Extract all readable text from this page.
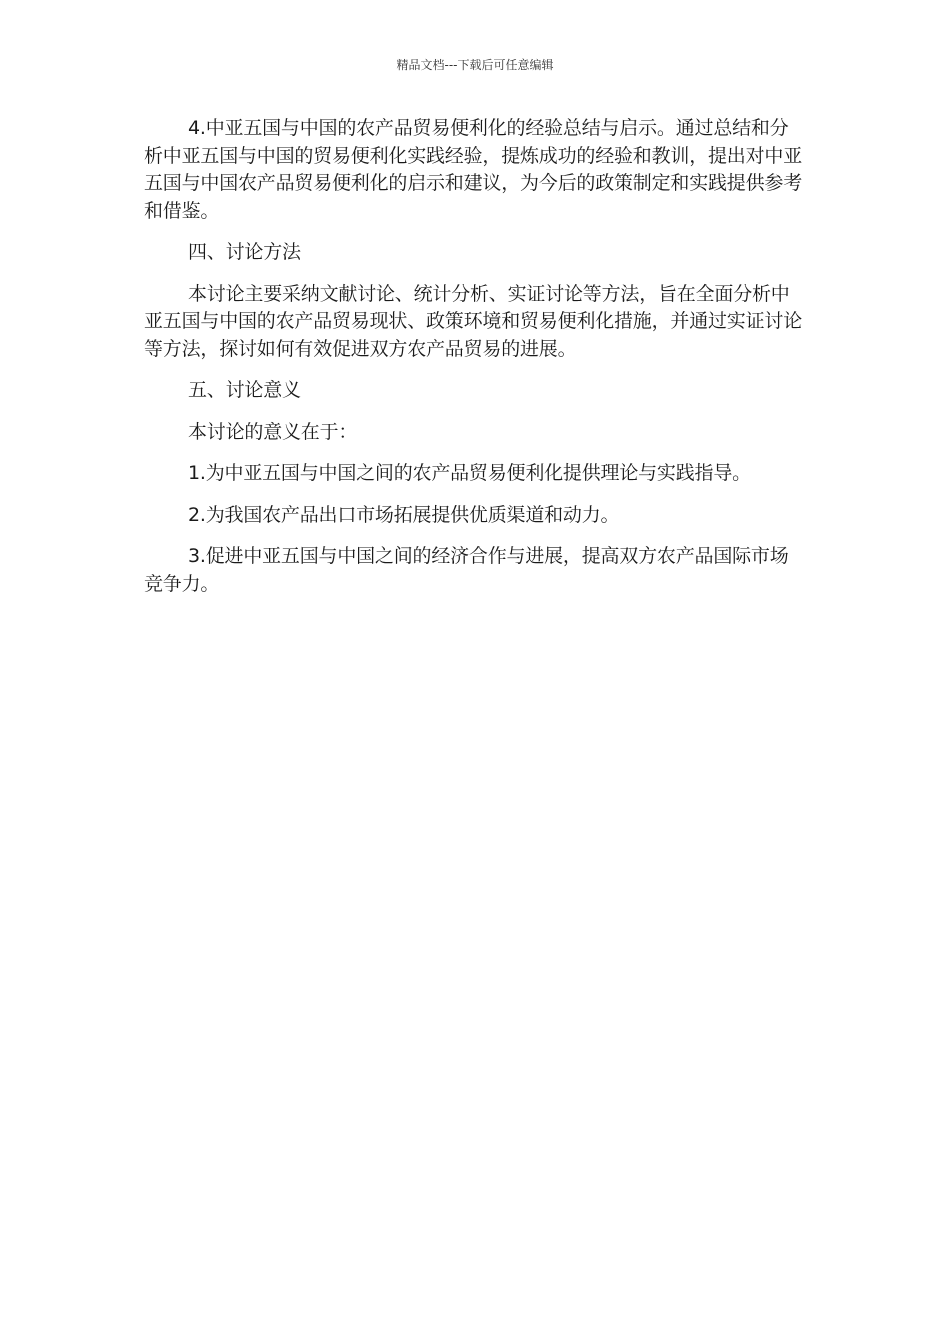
精品文档---下载后可任意编辑

4.中亚五国与中国的农产品贸易便利化的经验总结与启示。通过总结和分析中亚五国与中国的贸易便利化实践经验，提炼成功的经验和教训，提出对中亚五国与中国农产品贸易便利化的启示和建议，为今后的政策制定和实践提供参考和借鉴。

四、讨论方法

本讨论主要采纳文献讨论、统计分析、实证讨论等方法，旨在全面分析中亚五国与中国的农产品贸易现状、政策环境和贸易便利化措施，并通过实证讨论等方法，探讨如何有效促进双方农产品贸易的进展。

五、讨论意义

本讨论的意义在于：

1.为中亚五国与中国之间的农产品贸易便利化提供理论与实践指导。

2.为我国农产品出口市场拓展提供优质渠道和动力。

3.促进中亚五国与中国之间的经济合作与进展，提高双方农产品国际市场竞争力。
